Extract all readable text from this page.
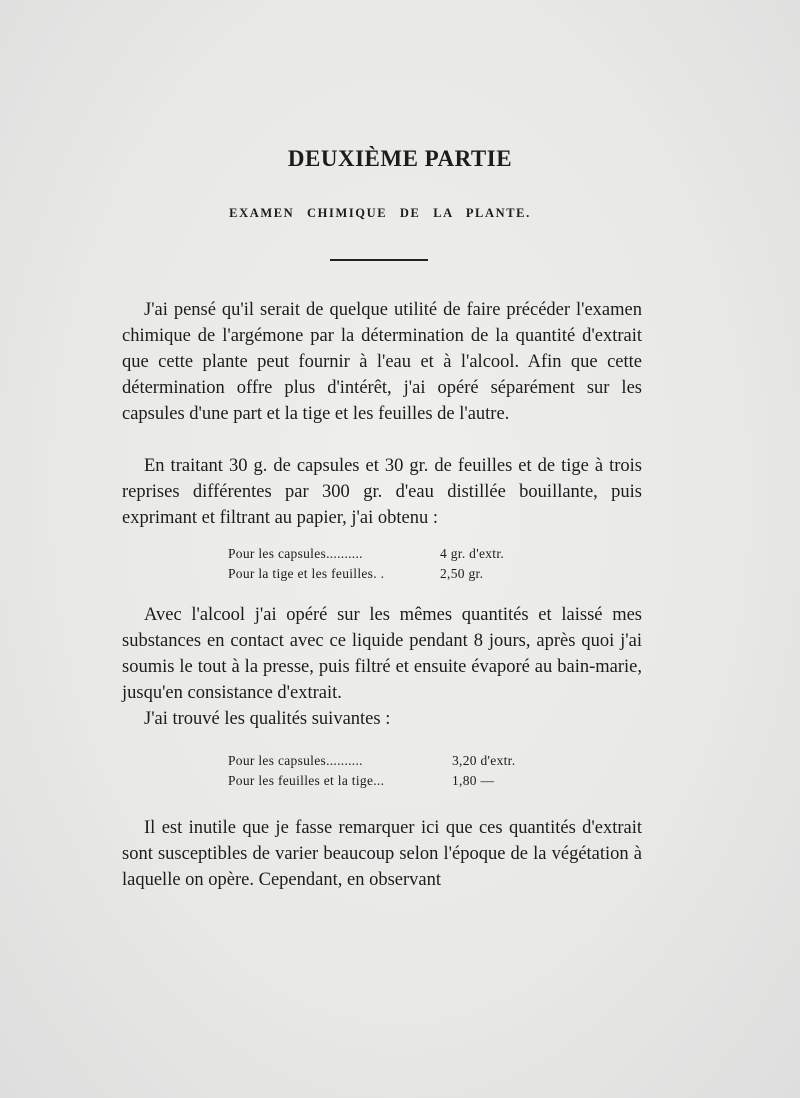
DEUXIÈME PARTIE
EXAMEN CHIMIQUE DE LA PLANTE.

J'ai pensé qu'il serait de quelque utilité de faire précéder l'examen chimique de l'argémone par la détermination de la quantité d'extrait que cette plante peut fournir à l'eau et à l'alcool. Afin que cette détermination offre plus d'intérêt, j'ai opéré séparément sur les capsules d'une part et la tige et les feuilles de l'autre.

En traitant 30 g. de capsules et 30 gr. de feuilles et de tige à trois reprises différentes par 300 gr. d'eau distillée bouillante, puis exprimant et filtrant au papier, j'ai obtenu :

Pour les capsules..........	4 gr. d'extr.
Pour la tige et les feuilles. .	2,50 gr.

Avec l'alcool j'ai opéré sur les mêmes quantités et laissé mes substances en contact avec ce liquide pendant 8 jours, après quoi j'ai soumis le tout à la presse, puis filtré et ensuite évaporé au bain-marie, jusqu'en consistance d'extrait.

J'ai trouvé les qualités suivantes :

Pour les capsules..........	3,20 d'extr.
Pour les feuilles et la tige...	1,80 —

Il est inutile que je fasse remarquer ici que ces quantités d'extrait sont susceptibles de varier beaucoup selon l'époque de la végétation à laquelle on opère. Cependant, en observant
